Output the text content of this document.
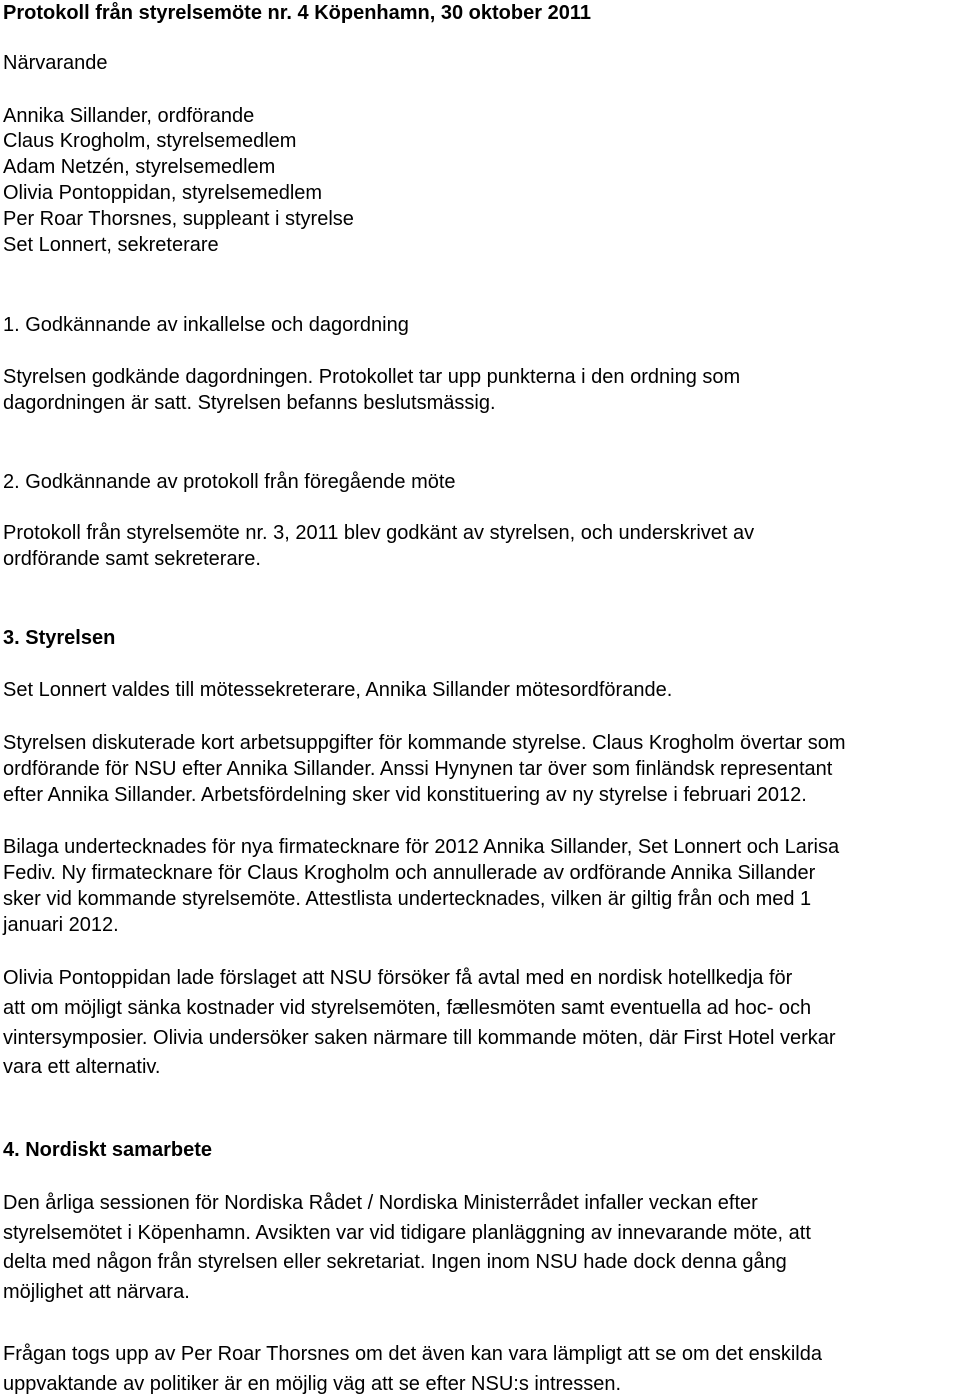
Protokoll från styrelsemöte nr. 4 Köpenhamn, 30 oktober 2011
Närvarande
Annika Sillander, ordförande
Claus Krogholm, styrelsemedlem
Adam Netzén, styrelsemedlem
Olivia Pontoppidan, styrelsemedlem
Per Roar Thorsnes, suppleant i styrelse
Set Lonnert, sekreterare
1. Godkännande av inkallelse och dagordning
Styrelsen godkände dagordningen. Protokollet tar upp punkterna i den ordning som
dagordningen är satt. Styrelsen befanns beslutsmässig.
2. Godkännande av protokoll från föregående möte
Protokoll från styrelsemöte nr. 3, 2011 blev godkänt av styrelsen, och underskrivet av
ordförande samt sekreterare.
3. Styrelsen
Set Lonnert valdes till mötessekreterare, Annika Sillander mötesordförande.
Styrelsen diskuterade kort arbetsuppgifter för kommande styrelse. Claus Krogholm övertar som
ordförande för NSU efter Annika Sillander. Anssi Hynynen tar över som finländsk representant
efter Annika Sillander. Arbetsfördelning sker vid konstituering av ny styrelse i februari 2012.
Bilaga undertecknades för nya firmatecknare för 2012 Annika Sillander, Set Lonnert och Larisa
Fediv. Ny firmatecknare för Claus Krogholm och annullerade av ordförande Annika Sillander
sker vid kommande styrelsemöte. Attestlista undertecknades, vilken är giltig från och med 1
januari 2012.
Olivia Pontoppidan lade förslaget att NSU försöker få avtal med en nordisk hotellkedja för
att om möjligt sänka kostnader vid styrelsemöten, fællesmöten samt eventuella ad hoc- och
vintersymposier. Olivia undersöker saken närmare till kommande möten, där First Hotel verkar
vara ett alternativ.
4. Nordiskt samarbete
Den årliga sessionen för Nordiska Rådet / Nordiska Ministerrådet infaller veckan efter
styrelsemötet i Köpenhamn. Avsikten var vid tidigare planläggning av innevarande möte, att
delta med någon från styrelsen eller sekretariat. Ingen inom NSU hade dock denna gång
möjlighet att närvara.
Frågan togs upp av Per Roar Thorsnes om det även kan vara lämpligt att se om det enskilda
uppvaktande av politiker är en möjlig väg att se efter NSU:s intressen.
